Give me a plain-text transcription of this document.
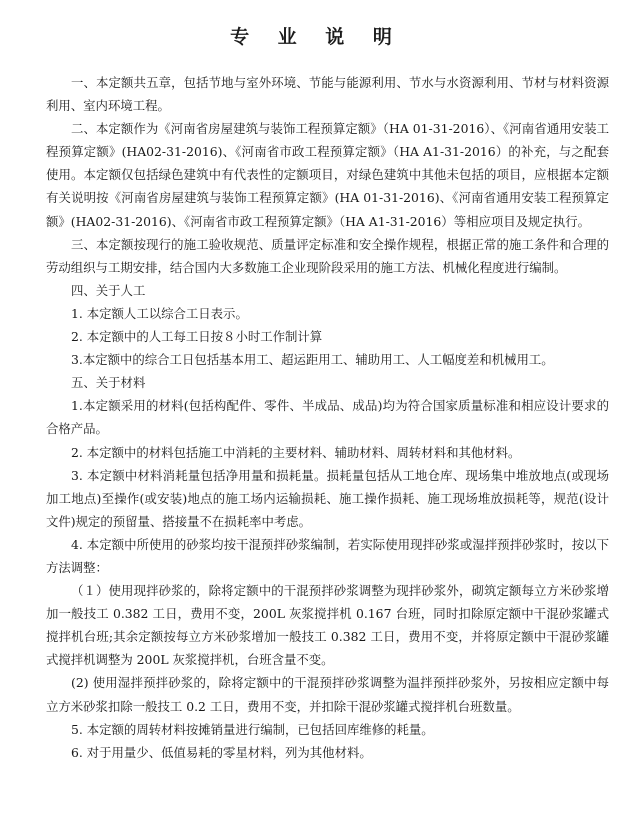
专 业 说 明

一、本定额共五章，包括节地与室外环境、节能与能源利用、节水与水资源利用、节材与材料资源利用、室内环境工程。

二、本定额作为《河南省房屋建筑与装饰工程预算定额》（HA 01-31-2016）、《河南省通用安装工程预算定额》(HA02-31-2016)、《河南省市政工程预算定额》（HA A1-31-2016）的补充，与之配套使用。本定额仅包括绿色建筑中有代表性的定额项目，对绿色建筑中其他未包括的项目，应根据本定额有关说明按《河南省房屋建筑与装饰工程预算定额》(HA 01-31-2016)、《河南省通用安装工程预算定额》(HA02-31-2016)、《河南省市政工程预算定额》（HA A1-31-2016）等相应项目及规定执行。

三、本定额按现行的施工验收规范、质量评定标准和安全操作规程，根据正常的施工条件和合理的劳动组织与工期安排，结合国内大多数施工企业现阶段采用的施工方法、机械化程度进行编制。

四、关于人工

1. 本定额人工以综合工日表示。

2. 本定额中的人工每工日按８小时工作制计算

3.本定额中的综合工日包括基本用工、超运距用工、辅助用工、人工幅度差和机械用工。

五、关于材料

1.本定额采用的材料(包括构配件、零件、半成品、成品)均为符合国家质量标准和相应设计要求的合格产品。

2. 本定额中的材料包括施工中消耗的主要材料、辅助材料、周转材料和其他材料。

3. 本定额中材料消耗量包括净用量和损耗量。损耗量包括从工地仓库、现场集中堆放地点(或现场加工地点)至操作(或安装)地点的施工场内运输损耗、施工操作损耗、施工现场堆放损耗等，规范(设计文件)规定的预留量、搭接量不在损耗率中考虑。

4. 本定额中所使用的砂浆均按干混预拌砂浆编制，若实际使用现拌砂浆或湿拌预拌砂浆时，按以下方法调整：

（１）使用现拌砂浆的，除将定额中的干混预拌砂浆调整为现拌砂浆外，砌筑定额每立方米砂浆增加一般技工 0.382 工日，费用不变，200L 灰浆搅拌机 0.167 台班，同时扣除原定额中干混砂浆罐式搅拌机台班;其余定额按每立方米砂浆增加一般技工 0.382 工日，费用不变，并将原定额中干混砂浆罐式搅拌机调整为 200L 灰浆搅拌机，台班含量不变。

(2) 使用湿拌预拌砂浆的，除将定额中的干混预拌砂浆调整为温拌预拌砂浆外，另按相应定额中每立方米砂浆扣除一般技工 0.2 工日，费用不变，并扣除干混砂浆罐式搅拌机台班数量。

5. 本定额的周转材料按摊销量进行编制，已包括回库维修的耗量。

6. 对于用量少、低值易耗的零星材料，列为其他材料。
